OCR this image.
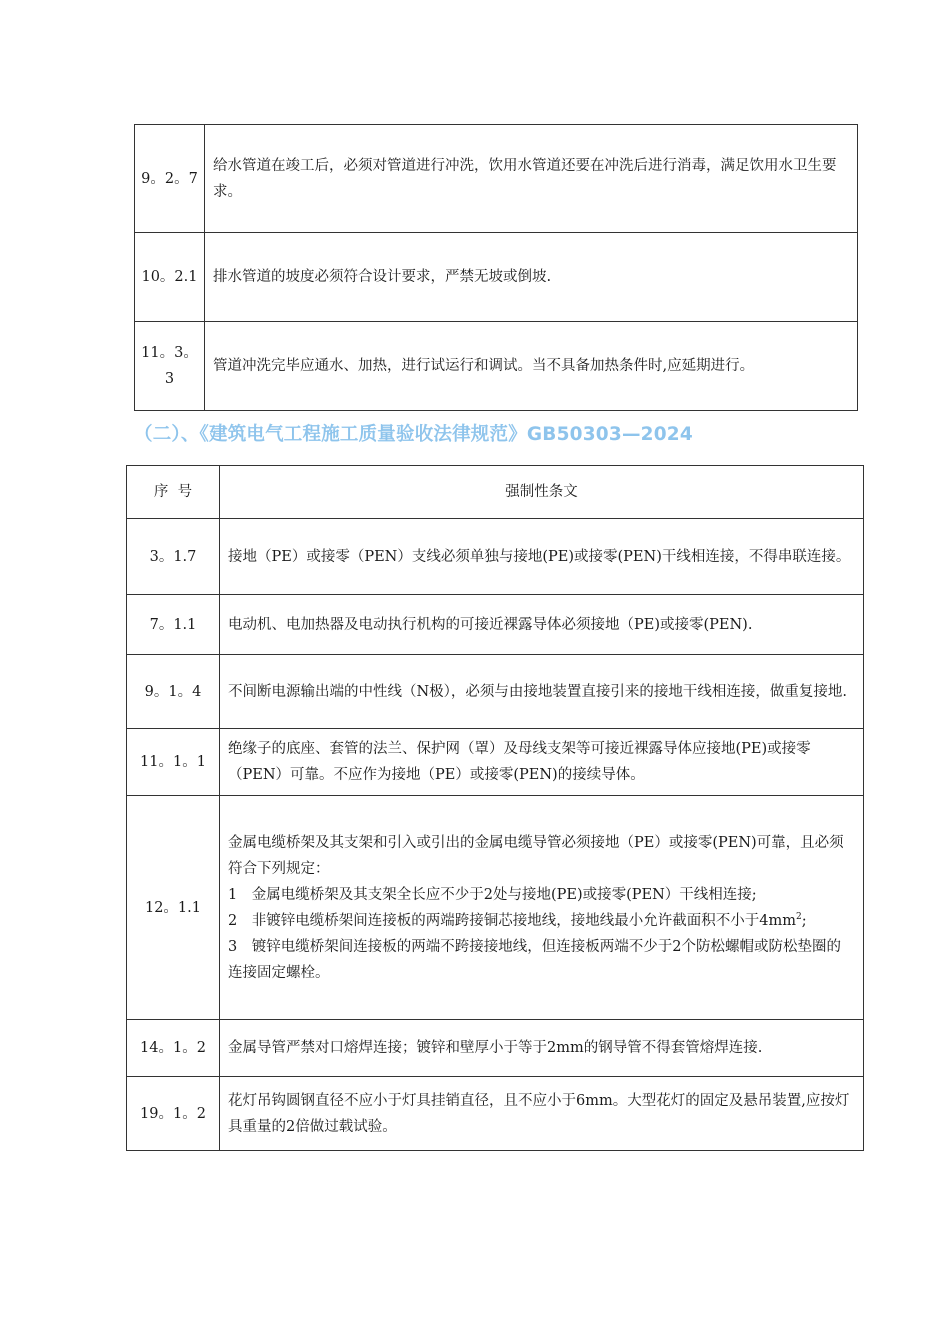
9。2。7	给水管道在竣工后，必须对管道进行冲洗，饮用水管道还要在冲洗后进行消毒，满足饮用水卫生要求。
10。2.1	排水管道的坡度必须符合设计要求，严禁无坡或倒坡.
11。3。3	管道冲洗完毕应通水、加热，进行试运行和调试。当不具备加热条件时,应延期进行。
（二）、《建筑电气工程施工质量验收法律规范》GB50303—2024
序  号	强制性条文
3。1.7	接地（PE）或接零（PEN）支线必须单独与接地(PE)或接零(PEN)干线相连接，不得串联连接。
7。1.1	电动机、电加热器及电动执行机构的可接近裸露导体必须接地（PE)或接零(PEN).
9。1。4	不间断电源输出端的中性线（N极），必须与由接地装置直接引来的接地干线相连接，做重复接地.
11。1。1	绝缘子的底座、套管的法兰、保护网（罩）及母线支架等可接近裸露导体应接地(PE)或接零（PEN）可靠。不应作为接地（PE）或接零(PEN)的接续导体。
12。1.1	金属电缆桥架及其支架和引入或引出的金属电缆导管必须接地（PE）或接零(PEN)可靠，且必须符合下列规定：
1　金属电缆桥架及其支架全长应不少于2处与接地(PE)或接零(PEN）干线相连接;
2　非镀锌电缆桥架间连接板的两端跨接铜芯接地线，接地线最小允许截面积不小于$4mm^2$;
3　镀锌电缆桥架间连接板的两端不跨接接地线，但连接板两端不少于2个防松螺帽或防松垫圈的连接固定螺栓。

14。1。2	金属导管严禁对口熔焊连接；镀锌和壁厚小于等于2mm的钢导管不得套管熔焊连接.
19。1。2	花灯吊钩圆钢直径不应小于灯具挂销直径，且不应小于6mm。大型花灯的固定及悬吊装置,应按灯具重量的2倍做过载试验。
